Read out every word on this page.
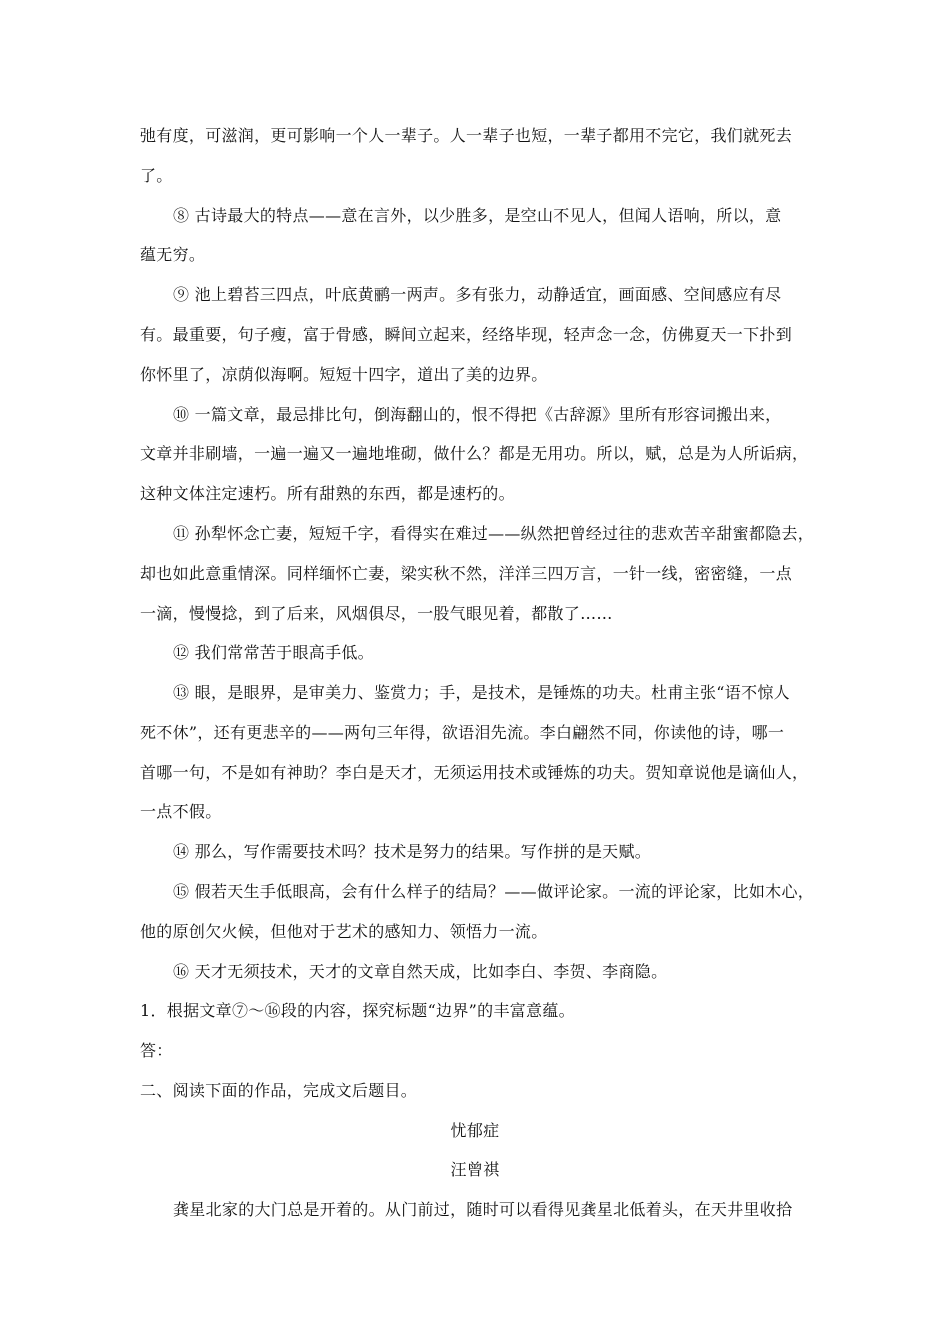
弛有度，可滋润，更可影响一个人一辈子。人一辈子也短，一辈子都用不完它，我们就死去
了。
⑧ 古诗最大的特点——意在言外，以少胜多，是空山不见人，但闻人语响，所以，意
蕴无穷。
⑨ 池上碧苔三四点，叶底黄鹂一两声。多有张力，动静适宜，画面感、空间感应有尽
有。最重要，句子瘦，富于骨感，瞬间立起来，经络毕现，轻声念一念，仿佛夏天一下扑到
你怀里了，凉荫似海啊。短短十四字，道出了美的边界。
⑩ 一篇文章，最忌排比句，倒海翻山的，恨不得把《古辞源》里所有形容词搬出来，
文章并非刷墙，一遍一遍又一遍地堆砌，做什么？都是无用功。所以，赋，总是为人所诟病，
这种文体注定速朽。所有甜熟的东西，都是速朽的。
⑪ 孙犁怀念亡妻，短短千字，看得实在难过——纵然把曾经过往的悲欢苦辛甜蜜都隐去，
却也如此意重情深。同样缅怀亡妻，梁实秋不然，洋洋三四万言，一针一线，密密缝，一点
一滴，慢慢捻，到了后来，风烟俱尽，一股气眼见着，都散了……
⑫ 我们常常苦于眼高手低。
⑬ 眼，是眼界，是审美力、鉴赏力；手，是技术，是锤炼的功夫。杜甫主张“语不惊人
死不休”，还有更悲辛的——两句三年得，欲语泪先流。李白翩然不同，你读他的诗，哪一
首哪一句，不是如有神助？李白是天才，无须运用技术或锤炼的功夫。贺知章说他是谪仙人，
一点不假。
⑭ 那么，写作需要技术吗？技术是努力的结果。写作拼的是天赋。
⑮ 假若天生手低眼高，会有什么样子的结局？——做评论家。一流的评论家，比如木心，
他的原创欠火候，但他对于艺术的感知力、领悟力一流。
⑯ 天才无须技术，天才的文章自然天成，比如李白、李贺、李商隐。
1．根据文章⑦～⑯段的内容，探究标题“边界”的丰富意蕴。
答：
二、阅读下面的作品，完成文后题目。
忧郁症
汪曾祺
龚星北家的大门总是开着的。从门前过，随时可以看得见龚星北低着头，在天井里收拾
